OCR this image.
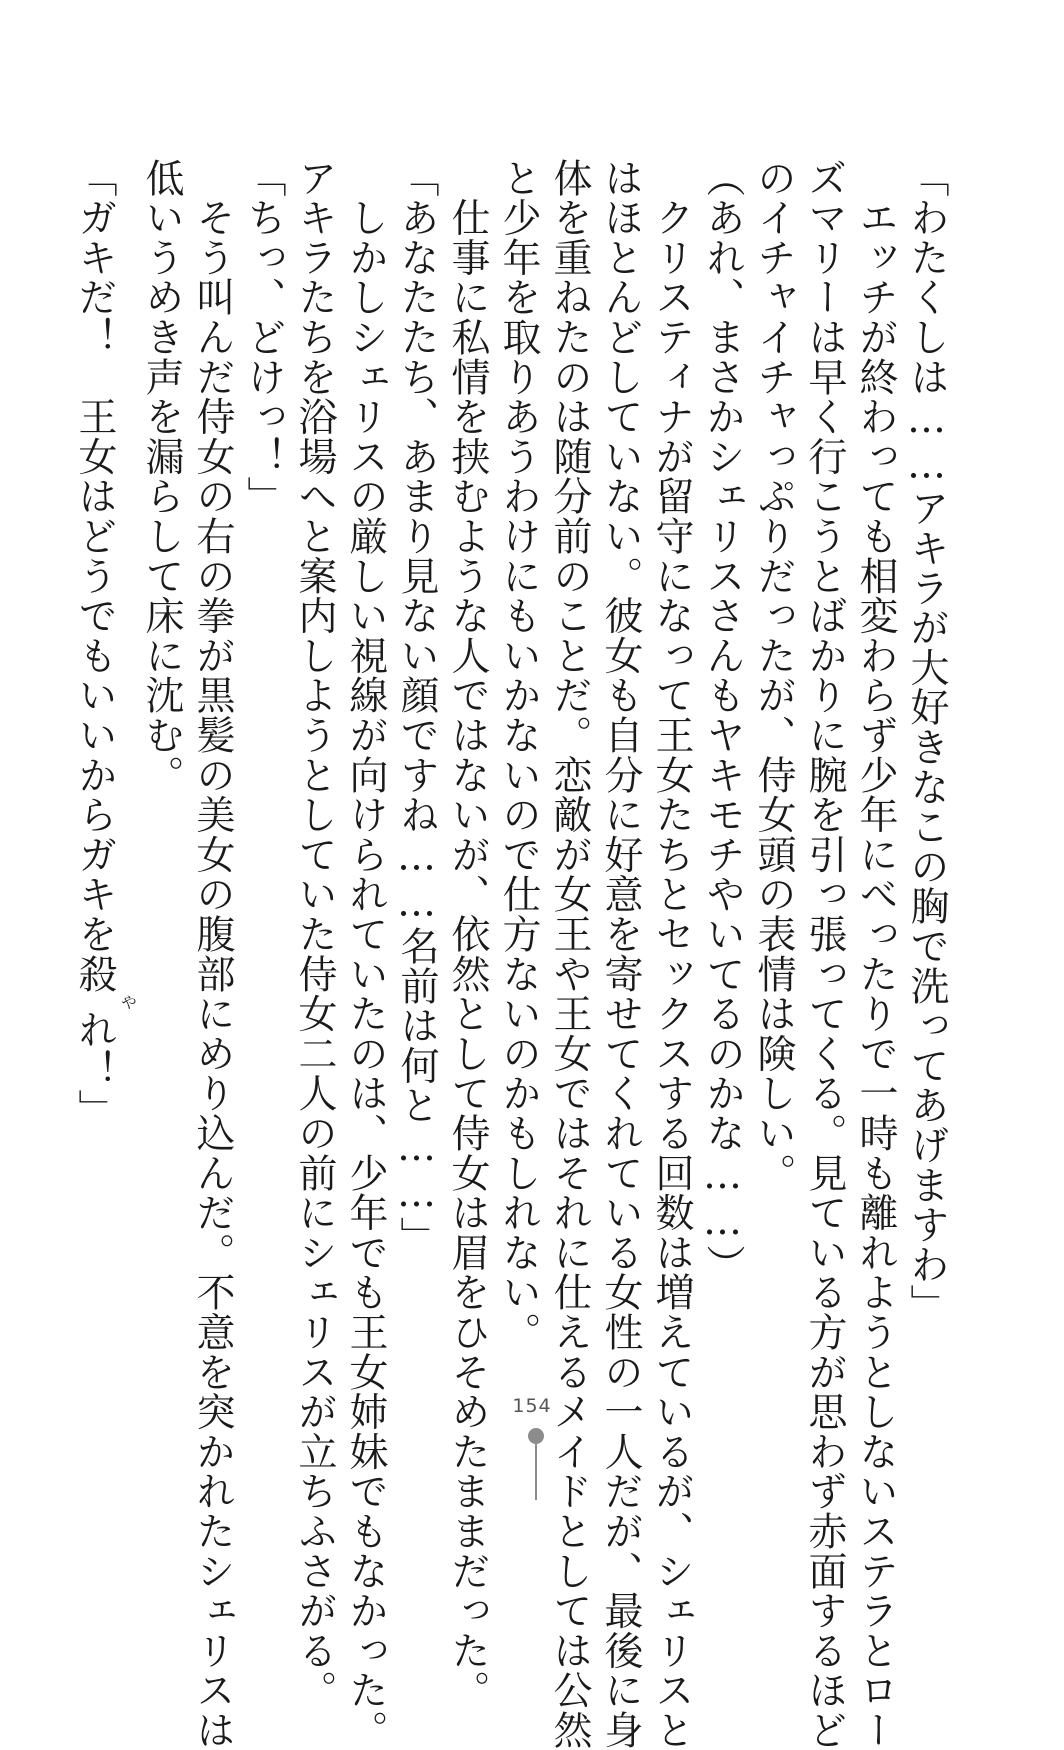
「わたくしは……アキラが大好きなこの胸で洗ってあげますわ」
　エッチが終わっても相変わらず少年にべったりで一時も離れようとしないステラとロー
ズマリーは早く行こうとばかりに腕を引っ張ってくる。見ている方が思わず赤面するほど
のイチャイチャっぷりだったが、侍女頭の表情は険しい。
（あれ、まさかシェリスさんもヤキモチやいてるのかな……）
　クリスティナが留守になって王女たちとセックスする回数は増えているが、シェリスと
はほとんどしていない。彼女も自分に好意を寄せてくれている女性の一人だが、最後に身
体を重ねたのは随分前のことだ。恋敵が女王や王女ではそれに仕えるメイドとしては公然
と少年を取りあうわけにもいかないので仕方ないのかもしれない。
　仕事に私情を挟むような人ではないが、依然として侍女は眉をひそめたままだった。
「あなたたち、あまり見ない顔ですね……名前は何と……」
　しかしシェリスの厳しい視線が向けられていたのは、少年でも王女姉妹でもなかった。
アキラたちを浴場へと案内しようとしていた侍女二人の前にシェリスが立ちふさがる。
「ちっ、どけっ！」
　そう叫んだ侍女の右の拳が黒髪の美女の腹部にめり込んだ。不意を突かれたシェリスは
低いうめき声を漏らして床に沈む。
「ガキだ！　王女はどうでもいいからガキを殺やれ！」
154
